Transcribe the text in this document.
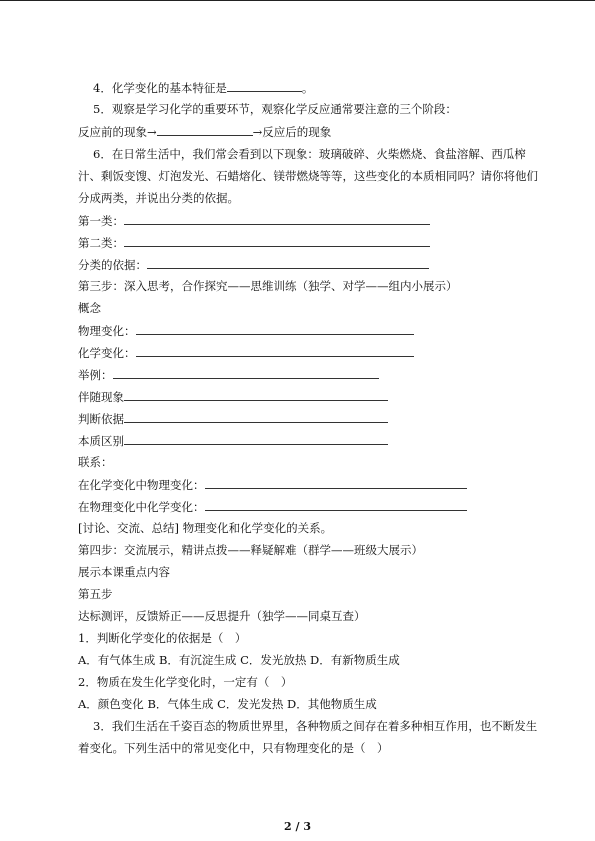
4．化学变化的基本特征是	。
5．观察是学习化学的重要环节，观察化学反应通常要注意的三个阶段：
反应前的现象→	→反应后的现象
6．在日常生活中，我们常会看到以下现象：玻璃破碎、火柴燃烧、食盐溶解、西瓜榨
汁、剩饭变馊、灯泡发光、石蜡熔化、镁带燃烧等等，这些变化的本质相同吗？请你将他们
分成两类，并说出分类的依据。
第一类：
第二类：
分类的依据：
第三步：深入思考，合作探究——思维训练（独学、对学——组内小展示）
概念
物理变化：
化学变化：
举例：
伴随现象
判断依据
本质区别
联系：
在化学变化中物理变化：
在物理变化中化学变化：
[讨论、交流、总结] 物理变化和化学变化的关系。
第四步：交流展示，精讲点拨——释疑解难（群学——班级大展示）
展示本课重点内容
第五步
达标测评，反馈矫正——反思提升（独学——同桌互查）
1．判断化学变化的依据是（　）
A．有气体生成 B．有沉淀生成 C．发光放热 D．有新物质生成
2．物质在发生化学变化时，一定有（　）
A．颜色变化 B．气体生成 C．发光发热 D．其他物质生成
3．我们生活在千姿百态的物质世界里，各种物质之间存在着多种相互作用，也不断发生
着变化。下列生活中的常见变化中，只有物理变化的是（　）
2 / 3
